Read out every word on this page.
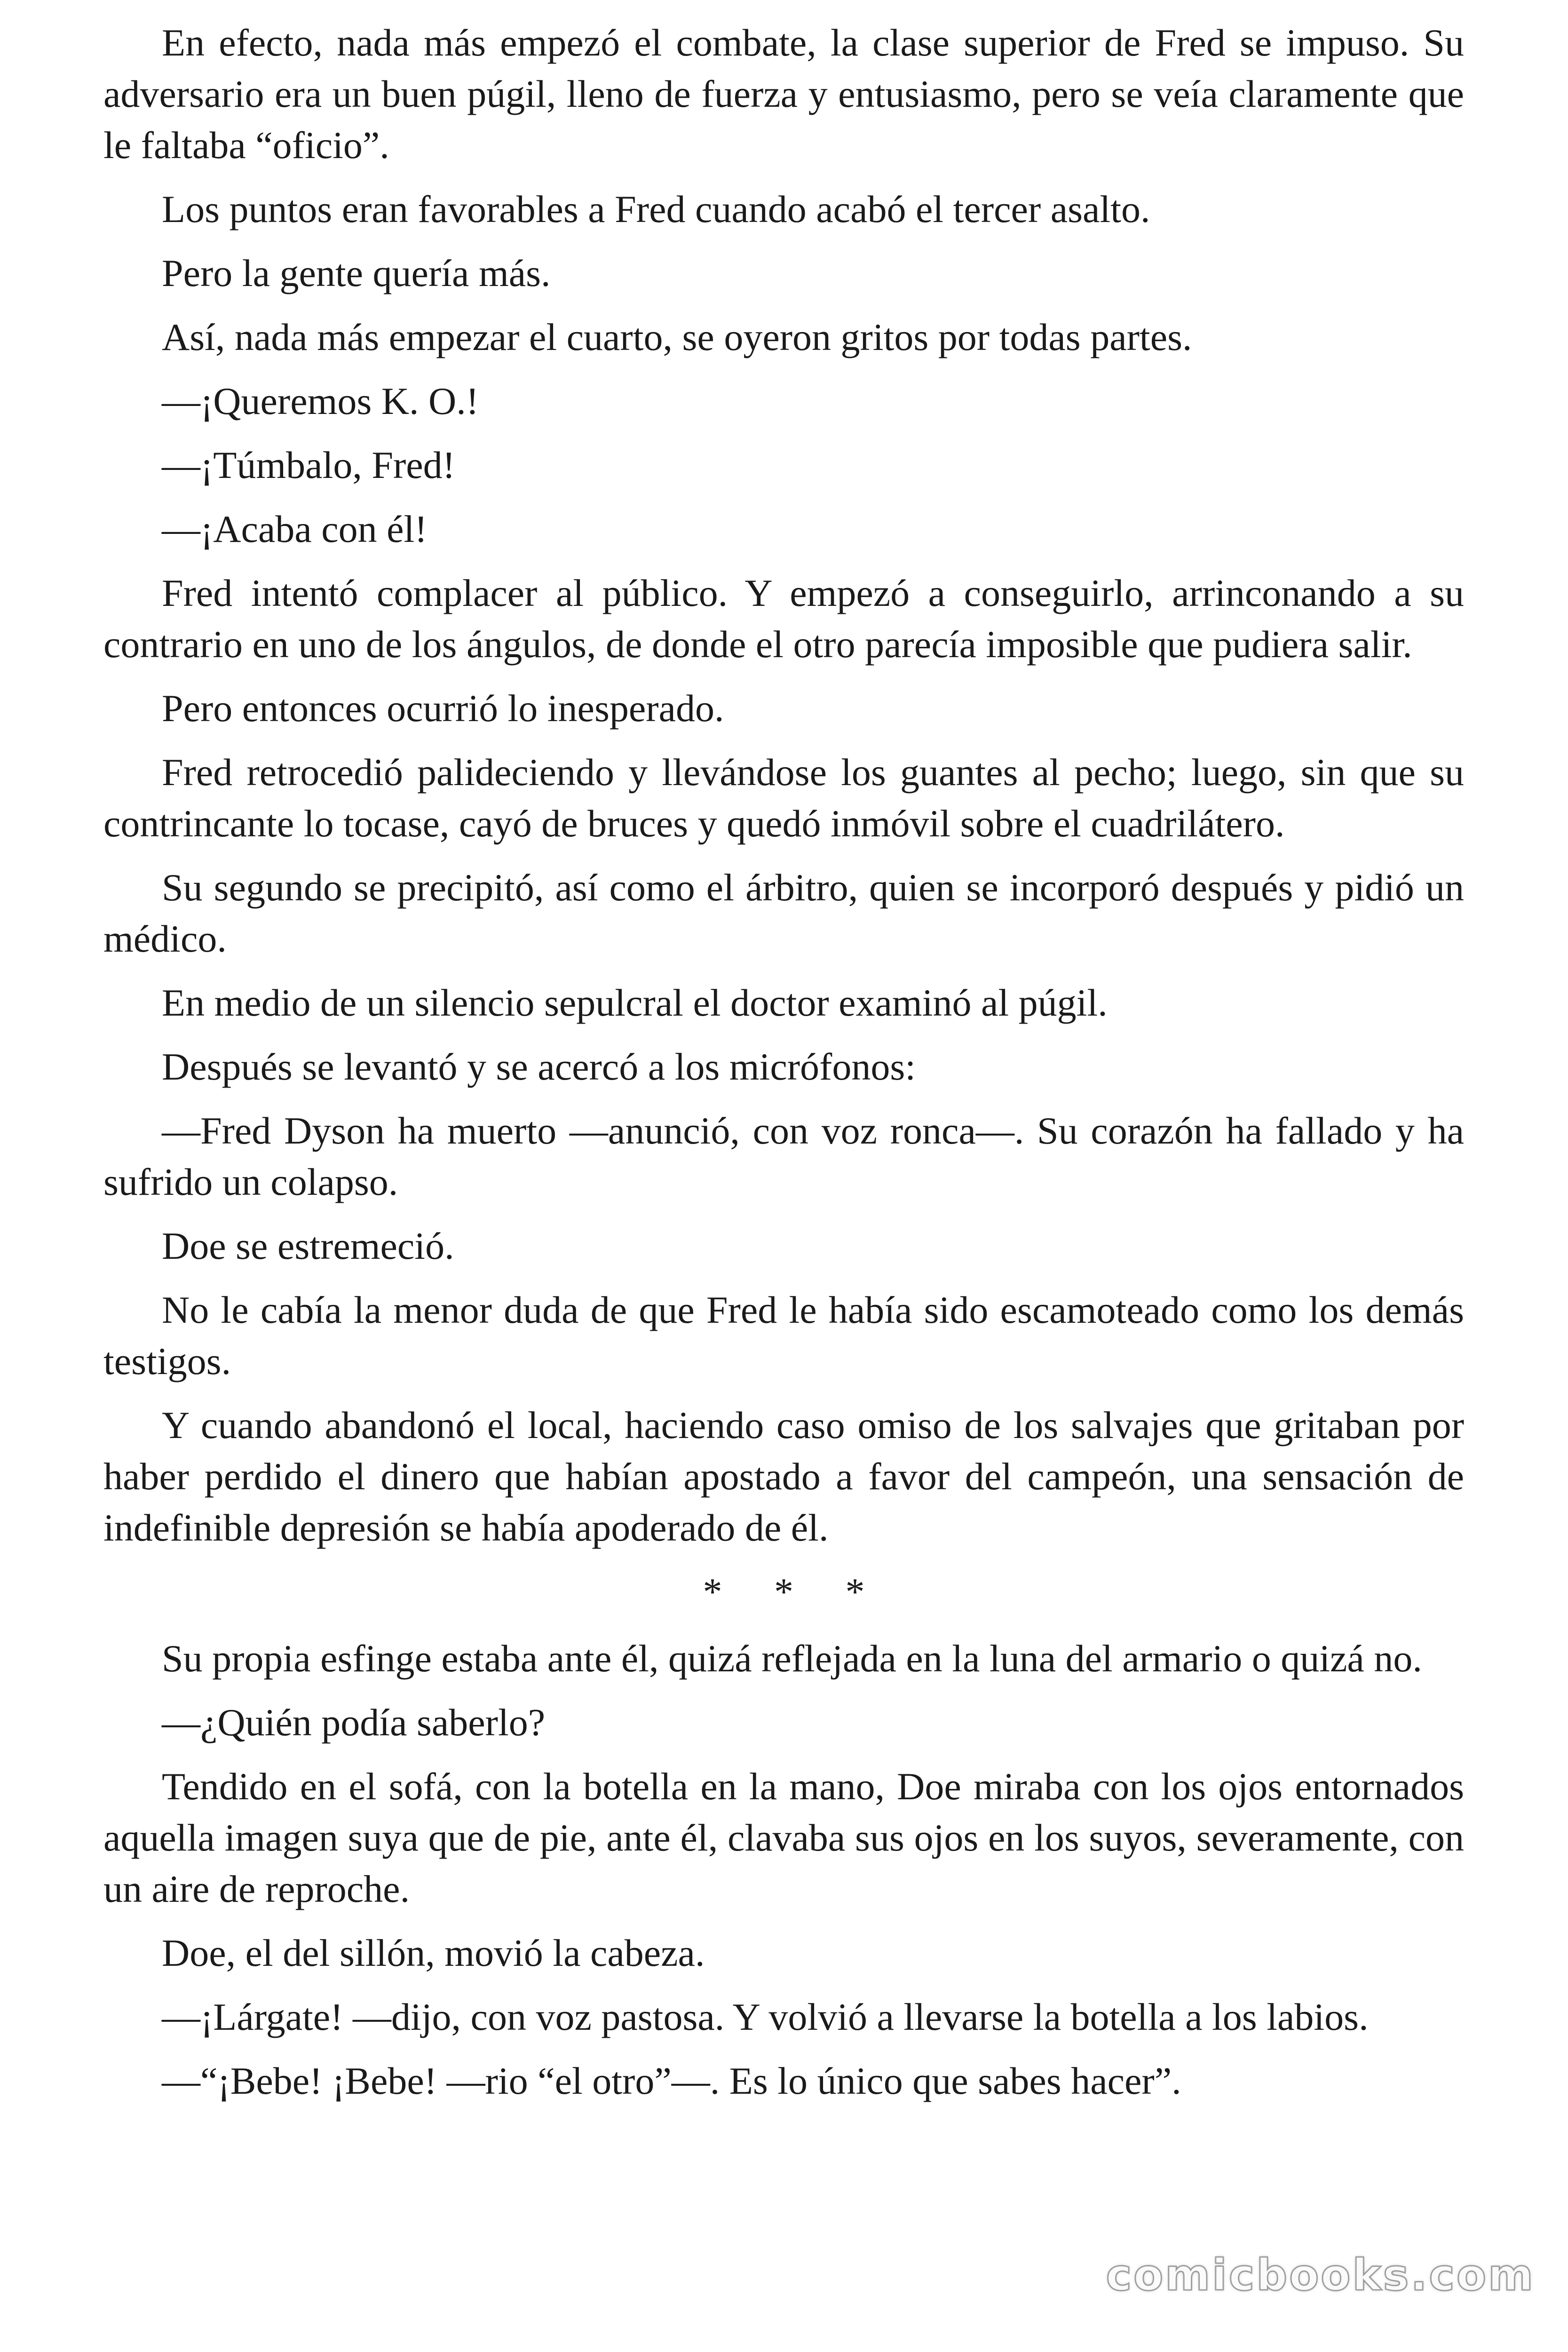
En efecto, nada más empezó el combate, la clase superior de Fred se impuso. Su adversario era un buen púgil, lleno de fuerza y entusiasmo, pero se veía claramente que le faltaba “oficio”.

Los puntos eran favorables a Fred cuando acabó el tercer asalto.

Pero la gente quería más.

Así, nada más empezar el cuarto, se oyeron gritos por todas partes.

—¡Queremos K. O.!

—¡Túmbalo, Fred!

—¡Acaba con él!

Fred intentó complacer al público. Y empezó a conseguirlo, arrinconando a su contrario en uno de los ángulos, de donde el otro parecía imposible que pudiera salir.

Pero entonces ocurrió lo inesperado.

Fred retrocedió palideciendo y llevándose los guantes al pecho; luego, sin que su contrincante lo tocase, cayó de bruces y quedó inmóvil sobre el cuadrilátero.

Su segundo se precipitó, así como el árbitro, quien se incorporó después y pidió un médico.

En medio de un silencio sepulcral el doctor examinó al púgil.

Después se levantó y se acercó a los micrófonos:

—Fred Dyson ha muerto —anunció, con voz ronca—. Su corazón ha fallado y ha sufrido un colapso.

Doe se estremeció.

No le cabía la menor duda de que Fred le había sido escamoteado como los demás testigos.

Y cuando abandonó el local, haciendo caso omiso de los salvajes que gritaban por haber perdido el dinero que habían apostado a favor del campeón, una sensación de indefinible depresión se había apoderado de él.

* * *

Su propia esfinge estaba ante él, quizá reflejada en la luna del armario o quizá no.

—¿Quién podía saberlo?

Tendido en el sofá, con la botella en la mano, Doe miraba con los ojos entornados aquella imagen suya que de pie, ante él, clavaba sus ojos en los suyos, severamente, con un aire de reproche.

Doe, el del sillón, movió la cabeza.

—¡Lárgate! —dijo, con voz pastosa. Y volvió a llevarse la botella a los labios.

—“¡Bebe! ¡Bebe! —rio “el otro”—. Es lo único que sabes hacer”.

comicbooks.com
